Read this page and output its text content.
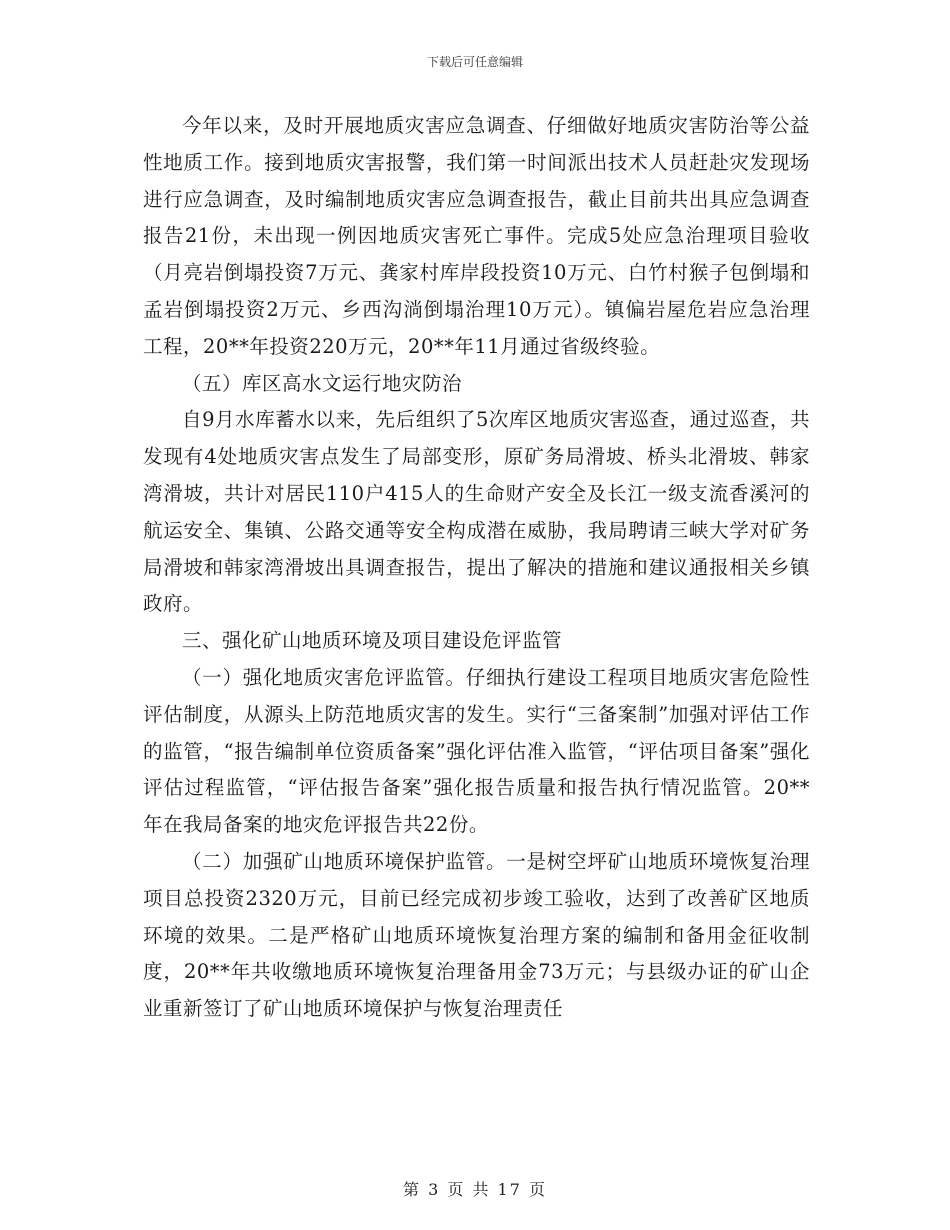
下载后可任意编辑

今年以来，及时开展地质灾害应急调查、仔细做好地质灾害防治等公益性地质工作。接到地质灾害报警，我们第一时间派出技术人员赶赴灾发现场进行应急调查，及时编制地质灾害应急调查报告，截止目前共出具应急调查报告21份，未出现一例因地质灾害死亡事件。完成5处应急治理项目验收（月亮岩倒塌投资7万元、龚家村库岸段投资10万元、白竹村猴子包倒塌和孟岩倒塌投资2万元、乡西沟淌倒塌治理10万元）。镇偏岩屋危岩应急治理工程，20**年投资220万元，20**年11月通过省级终验。

（五）库区高水文运行地灾防治

自9月水库蓄水以来，先后组织了5次库区地质灾害巡查，通过巡查，共发现有4处地质灾害点发生了局部变形，原矿务局滑坡、桥头北滑坡、韩家湾滑坡，共计对居民110户415人的生命财产安全及长江一级支流香溪河的航运安全、集镇、公路交通等安全构成潜在威胁，我局聘请三峡大学对矿务局滑坡和韩家湾滑坡出具调查报告，提出了解决的措施和建议通报相关乡镇政府。

三、强化矿山地质环境及项目建设危评监管

（一）强化地质灾害危评监管。仔细执行建设工程项目地质灾害危险性评估制度，从源头上防范地质灾害的发生。实行“三备案制”加强对评估工作的监管，“报告编制单位资质备案”强化评估准入监管，“评估项目备案”强化评估过程监管，“评估报告备案”强化报告质量和报告执行情况监管。20**年在我局备案的地灾危评报告共22份。

（二）加强矿山地质环境保护监管。一是树空坪矿山地质环境恢复治理项目总投资2320万元，目前已经完成初步竣工验收，达到了改善矿区地质环境的效果。二是严格矿山地质环境恢复治理方案的编制和备用金征收制度，20**年共收缴地质环境恢复治理备用金73万元；与县级办证的矿山企业重新签订了矿山地质环境保护与恢复治理责任

第 3 页 共 17 页
